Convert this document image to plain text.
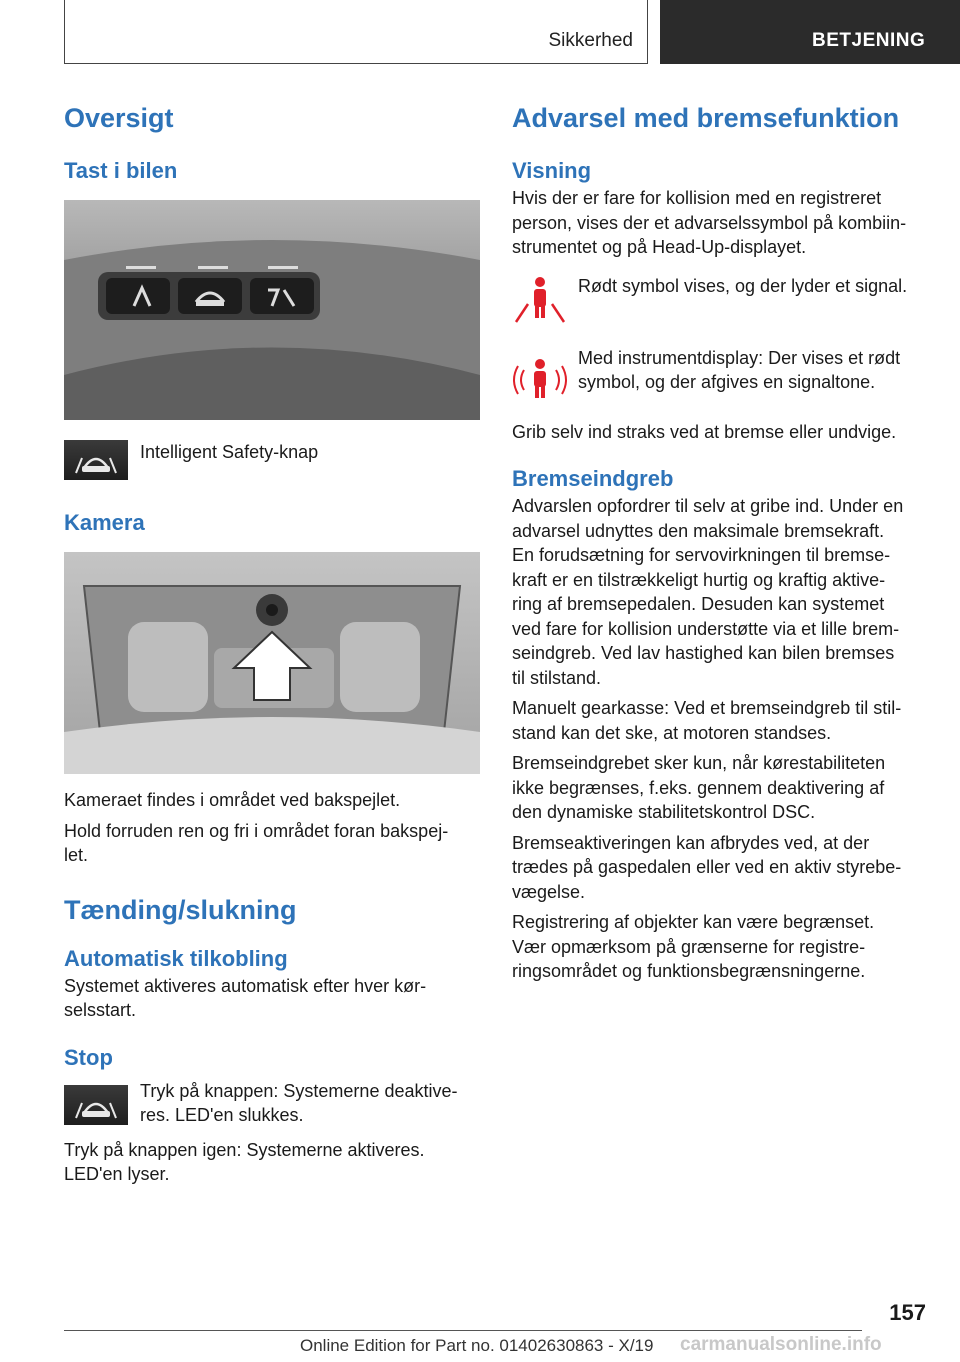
Sikkerhed	BETJENING
Oversigt
Tast i bilen
Intelligent Safety-knap
Kamera

Kameraet findes i området ved bakspejlet.

Hold forruden ren og fri i området foran bakspej-
let.

Tænding/slukning
Automatisk tilkobling

Systemet aktiveres automatisk efter hver kør-
selsstart.

Stop
Tryk på knappen: Systemerne deaktive-
res. LED'en slukkes.

Tryk på knappen igen: Systemerne aktiveres.
LED'en lyser.

Advarsel med bremsefunktion
Visning

Hvis der er fare for kollision med en registreret
person, vises der et advarselssymbol på kombiin-
strumentet og på Head-Up-displayet.

Rødt symbol vises, og der lyder et signal.
Med instrumentdisplay: Der vises et rødt
symbol, og der afgives en signaltone.

Grib selv ind straks ved at bremse eller undvige.

Bremseindgreb

Advarslen opfordrer til selv at gribe ind. Under en
advarsel udnyttes den maksimale bremsekraft.
En forudsætning for servovirkningen til bremse-
kraft er en tilstrækkeligt hurtig og kraftig aktive-
ring af bremsepedalen. Desuden kan systemet
ved fare for kollision understøtte via et lille brem-
seindgreb. Ved lav hastighed kan bilen bremses
til stilstand.

Manuelt gearkasse: Ved et bremseindgreb til stil-
stand kan det ske, at motoren standses.

Bremseindgrebet sker kun, når kørestabiliteten
ikke begrænses, f.eks. gennem deaktivering af
den dynamiske stabilitetskontrol DSC.

Bremseaktiveringen kan afbrydes ved, at der
trædes på gaspedalen eller ved en aktiv styrebe-
vægelse.

Registrering af objekter kan være begrænset.
Vær opmærksom på grænserne for registre-
ringsområdet og funktionsbegrænsningerne.

157
Online Edition for Part no. 01402630863 - X/19 carmanualsonline.info
